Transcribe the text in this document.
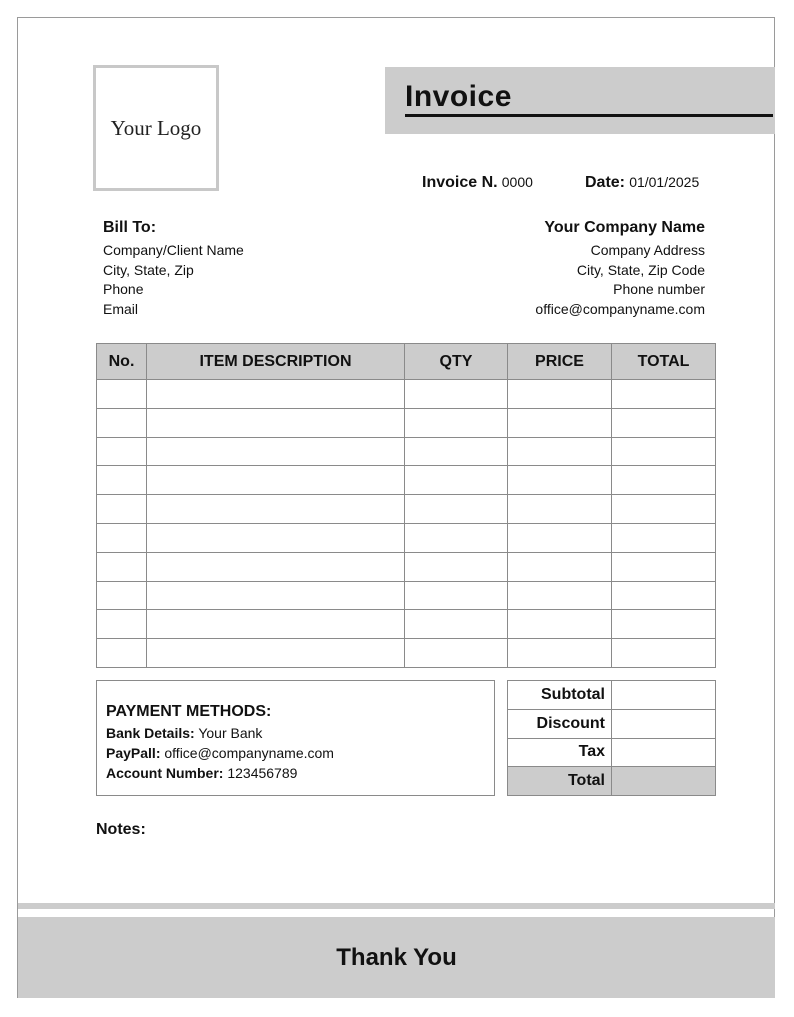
Your Logo
Invoice
Invoice N. 0000	Date: 01/01/2025
Bill To:
Company/Client Name
City, State, Zip
Phone
Email
Your Company Name
Company Address
City, State, Zip Code
Phone number
office@companyname.com
No.	ITEM DESCRIPTION	QTY	PRICE	TOTAL

PAYMENT METHODS:
Bank Details: Your Bank
PayPall: office@companyname.com
Account Number: 123456789
Subtotal	
Discount	
Tax	
Total	
Notes:
Thank You
